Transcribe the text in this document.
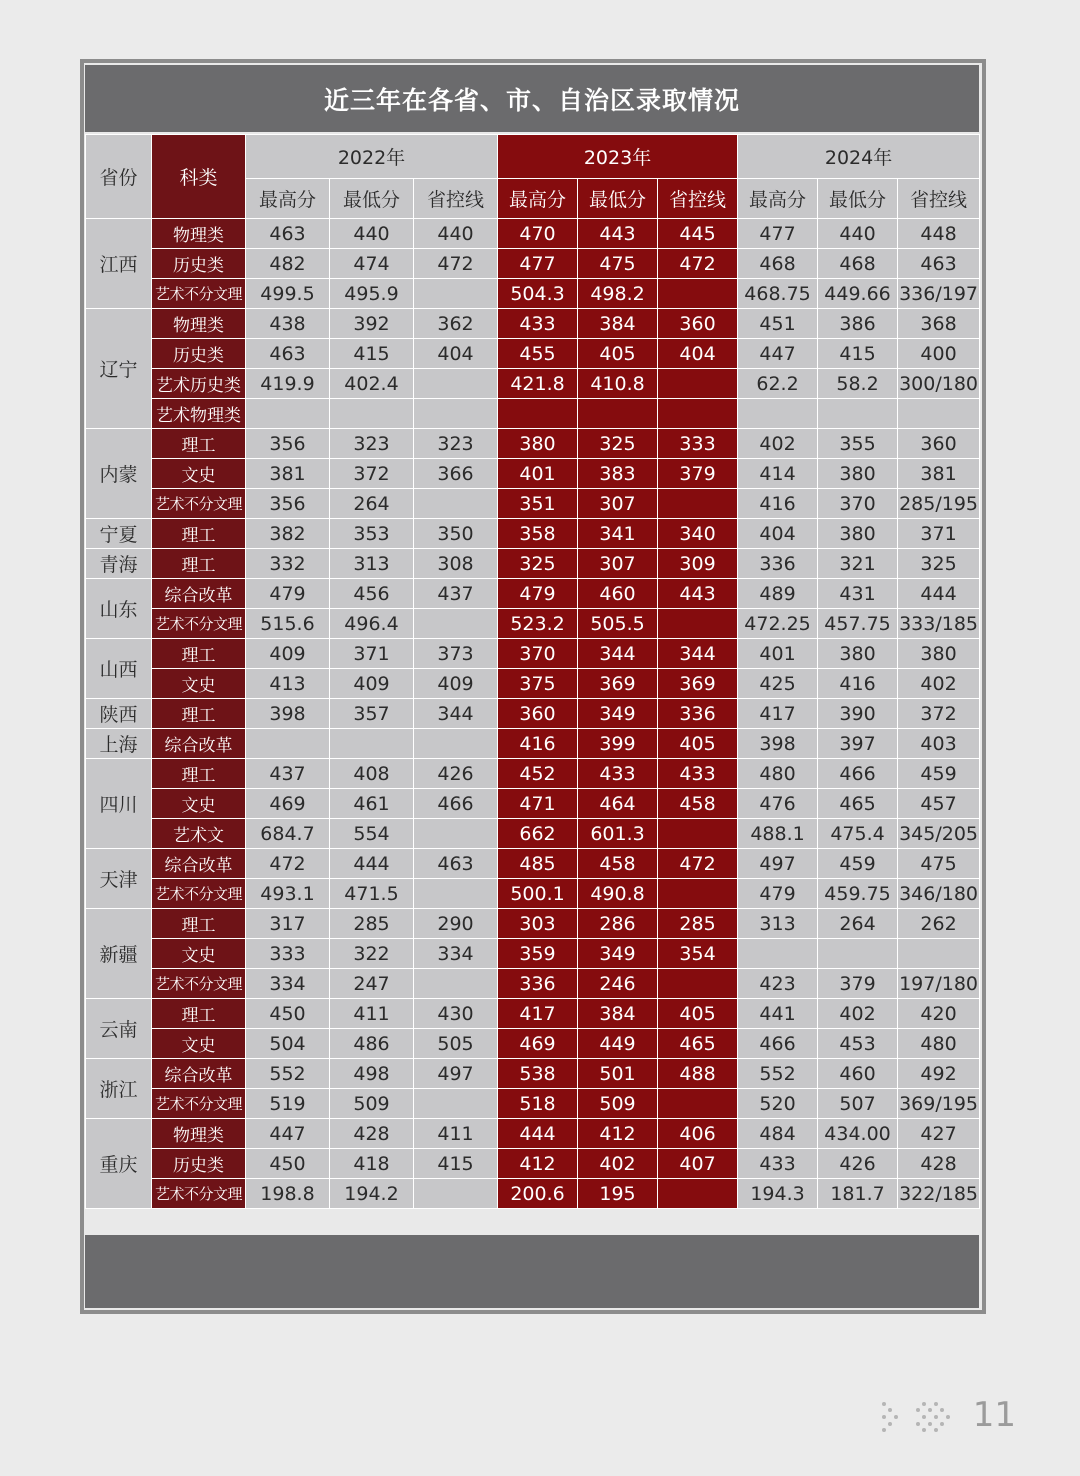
近三年在各省、市、自治区录取情况
省份	科类	2022年			2023年			2024年		
		最高分	最低分	省控线	最高分	最低分	省控线	最高分	最低分	省控线
江西	物理类	463	440	440	470	443	445	477	440	448
	历史类	482	474	472	477	475	472	468	468	463
	艺术不分文理	499.5	495.9		504.3	498.2		468.75	449.66	336/197
辽宁	物理类	438	392	362	433	384	360	451	386	368
	历史类	463	415	404	455	405	404	447	415	400
	艺术历史类	419.9	402.4		421.8	410.8		62.2	58.2	300/180
	艺术物理类									
内蒙	理工	356	323	323	380	325	333	402	355	360
	文史	381	372	366	401	383	379	414	380	381
	艺术不分文理	356	264		351	307		416	370	285/195
宁夏	理工	382	353	350	358	341	340	404	380	371
青海	理工	332	313	308	325	307	309	336	321	325
山东	综合改革	479	456	437	479	460	443	489	431	444
	艺术不分文理	515.6	496.4		523.2	505.5		472.25	457.75	333/185
山西	理工	409	371	373	370	344	344	401	380	380
	文史	413	409	409	375	369	369	425	416	402
陕西	理工	398	357	344	360	349	336	417	390	372
上海	综合改革				416	399	405	398	397	403
四川	理工	437	408	426	452	433	433	480	466	459
	文史	469	461	466	471	464	458	476	465	457
	艺术文	684.7	554		662	601.3		488.1	475.4	345/205
天津	综合改革	472	444	463	485	458	472	497	459	475
	艺术不分文理	493.1	471.5		500.1	490.8		479	459.75	346/180
新疆	理工	317	285	290	303	286	285	313	264	262
	文史	333	322	334	359	349	354			
	艺术不分文理	334	247		336	246		423	379	197/180
云南	理工	450	411	430	417	384	405	441	402	420
	文史	504	486	505	469	449	465	466	453	480
浙江	综合改革	552	498	497	538	501	488	552	460	492
	艺术不分文理	519	509		518	509		520	507	369/195
重庆	物理类	447	428	411	444	412	406	484	434.00	427
	历史类	450	418	415	412	402	407	433	426	428
	艺术不分文理	198.8	194.2		200.6	195		194.3	181.7	322/185
11
